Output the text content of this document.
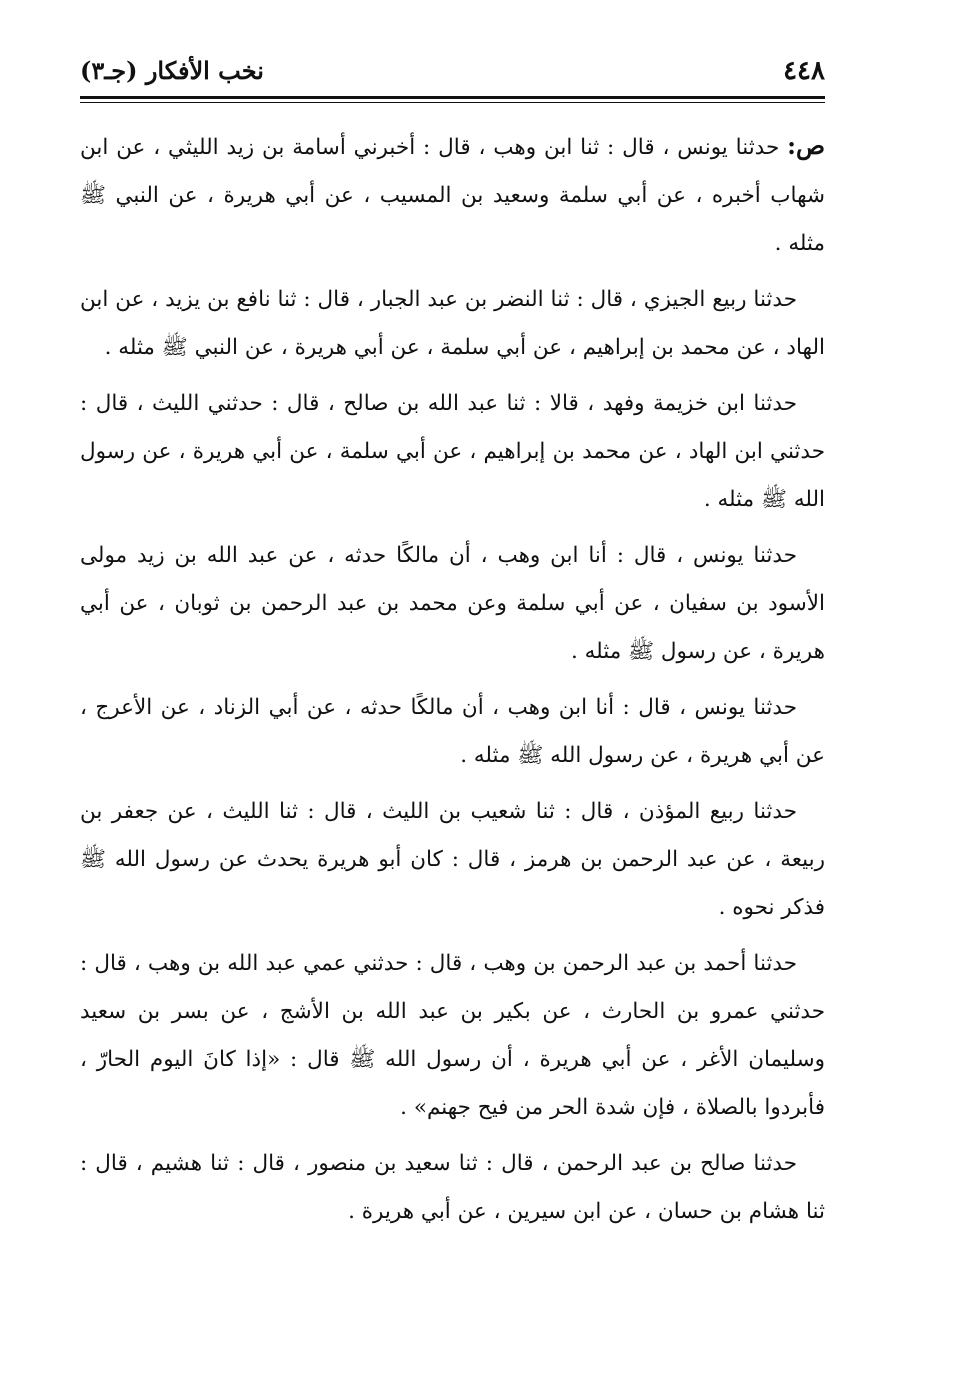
٤٤٨
نخب الأفكار (جـ٣)

ص: حدثنا يونس ، قال : ثنا ابن وهب ، قال : أخبرني أسامة بن زيد الليثي ، عن ابن شهاب أخبره ، عن أبي سلمة وسعيد بن المسيب ، عن أبي هريرة ، عن النبي ﷺ مثله .

حدثنا ربيع الجيزي ، قال : ثنا النضر بن عبد الجبار ، قال : ثنا نافع بن يزيد ، عن ابن الهاد ، عن محمد بن إبراهيم ، عن أبي سلمة ، عن أبي هريرة ، عن النبي ﷺ مثله .

حدثنا ابن خزيمة وفهد ، قالا : ثنا عبد الله بن صالح ، قال : حدثني الليث ، قال : حدثني ابن الهاد ، عن محمد بن إبراهيم ، عن أبي سلمة ، عن أبي هريرة ، عن رسول الله ﷺ مثله .

حدثنا يونس ، قال : أنا ابن وهب ، أن مالكًا حدثه ، عن عبد الله بن زيد مولى الأسود بن سفيان ، عن أبي سلمة وعن محمد بن عبد الرحمن بن ثوبان ، عن أبي هريرة ، عن رسول ﷺ مثله .

حدثنا يونس ، قال : أنا ابن وهب ، أن مالكًا حدثه ، عن أبي الزناد ، عن الأعرج ، عن أبي هريرة ، عن رسول الله ﷺ مثله .

حدثنا ربيع المؤذن ، قال : ثنا شعيب بن الليث ، قال : ثنا الليث ، عن جعفر بن ربيعة ، عن عبد الرحمن بن هرمز ، قال : كان أبو هريرة يحدث عن رسول الله ﷺ فذكر نحوه .

حدثنا أحمد بن عبد الرحمن بن وهب ، قال : حدثني عمي عبد الله بن وهب ، قال : حدثني عمرو بن الحارث ، عن بكير بن عبد الله بن الأشج ، عن بسر بن سعيد وسليمان الأغر ، عن أبي هريرة ، أن رسول الله ﷺ قال : «إذا كانَ اليوم الحارّ ، فأبردوا بالصلاة ، فإن شدة الحر من فيح جهنم» .

حدثنا صالح بن عبد الرحمن ، قال : ثنا سعيد بن منصور ، قال : ثنا هشيم ، قال : ثنا هشام بن حسان ، عن ابن سيرين ، عن أبي هريرة .
